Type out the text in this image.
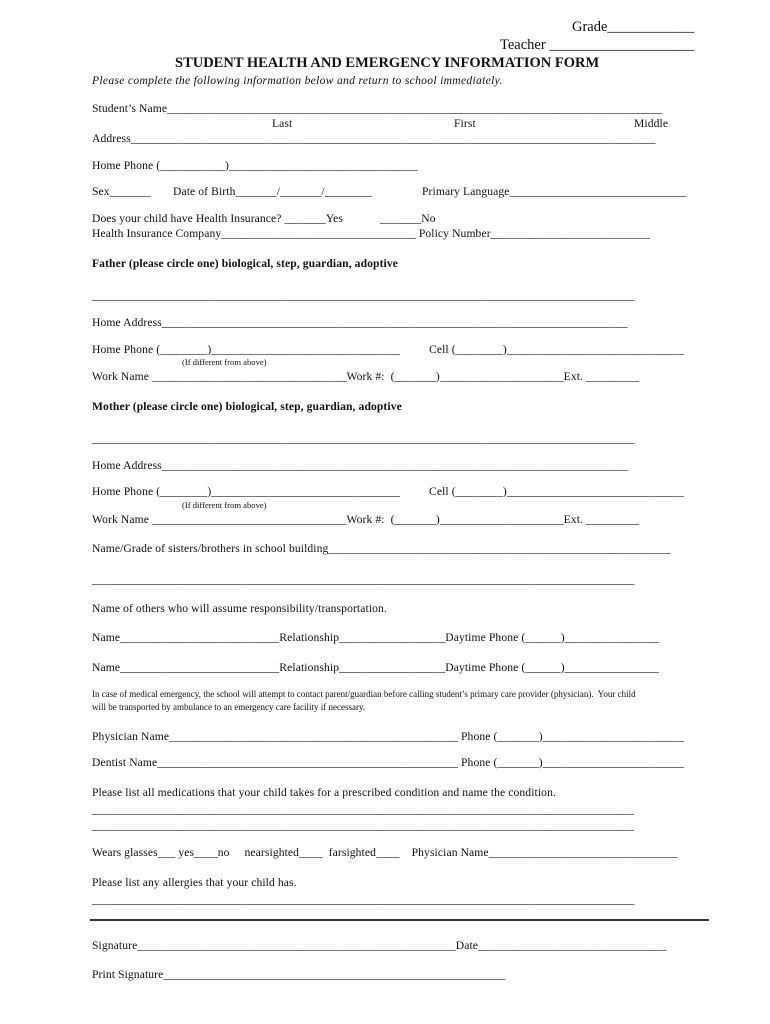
Grade____________
Teacher ____________________
STUDENT HEALTH AND EMERGENCY INFORMATION FORM
Please complete the following information below and return to school immediately.
Student’s Name____________________________________________________________________________________
Last	First	Middle
Address_________________________________________________________________________________________
Home Phone (___________)________________________________
Sex_______ Date of Birth_______/_______/________	Primary Language______________________________
Does your child have Health Insurance? _______Yes	_______No
Health Insurance Company_________________________________ Policy Number___________________________
Father (please circle one) biological, step, guardian, adoptive
____________________________________________________________________________________________
Home Address_______________________________________________________________________________
Home Phone (________)________________________________ Cell (________)______________________________
(If different from above)
Work Name _________________________________Work #:  (_______)_____________________Ext. _________
Mother (please circle one) biological, step, guardian, adoptive
____________________________________________________________________________________________
Home Address_______________________________________________________________________________
Home Phone (________)________________________________ Cell (________)______________________________
(If different from above)
Work Name _________________________________Work #:  (_______)_____________________Ext. _________
Name/Grade of sisters/brothers in school building__________________________________________________________
____________________________________________________________________________________________
Name of others who will assume responsibility/transportation.
Name___________________________Relationship__________________Daytime Phone (______)________________
Name___________________________Relationship__________________Daytime Phone (______)________________
In case of medical emergency, the school will attempt to contact parent/guardian before calling student’s primary care provider (physician).  Your child
will be transported by ambulance to an emergency care facility if necessary.
Physician Name_________________________________________________ Phone (_______)________________________
Dentist Name___________________________________________________ Phone (_______)________________________
Please list all medications that your child takes for a prescribed condition and name the condition.
____________________________________________________________________________________________
____________________________________________________________________________________________
Wears glasses___ yes____no     nearsighted____  farsighted____    Physician Name________________________________
Please list any allergies that your child has.
____________________________________________________________________________________________
Signature______________________________________________________Date________________________________
Print Signature__________________________________________________________
